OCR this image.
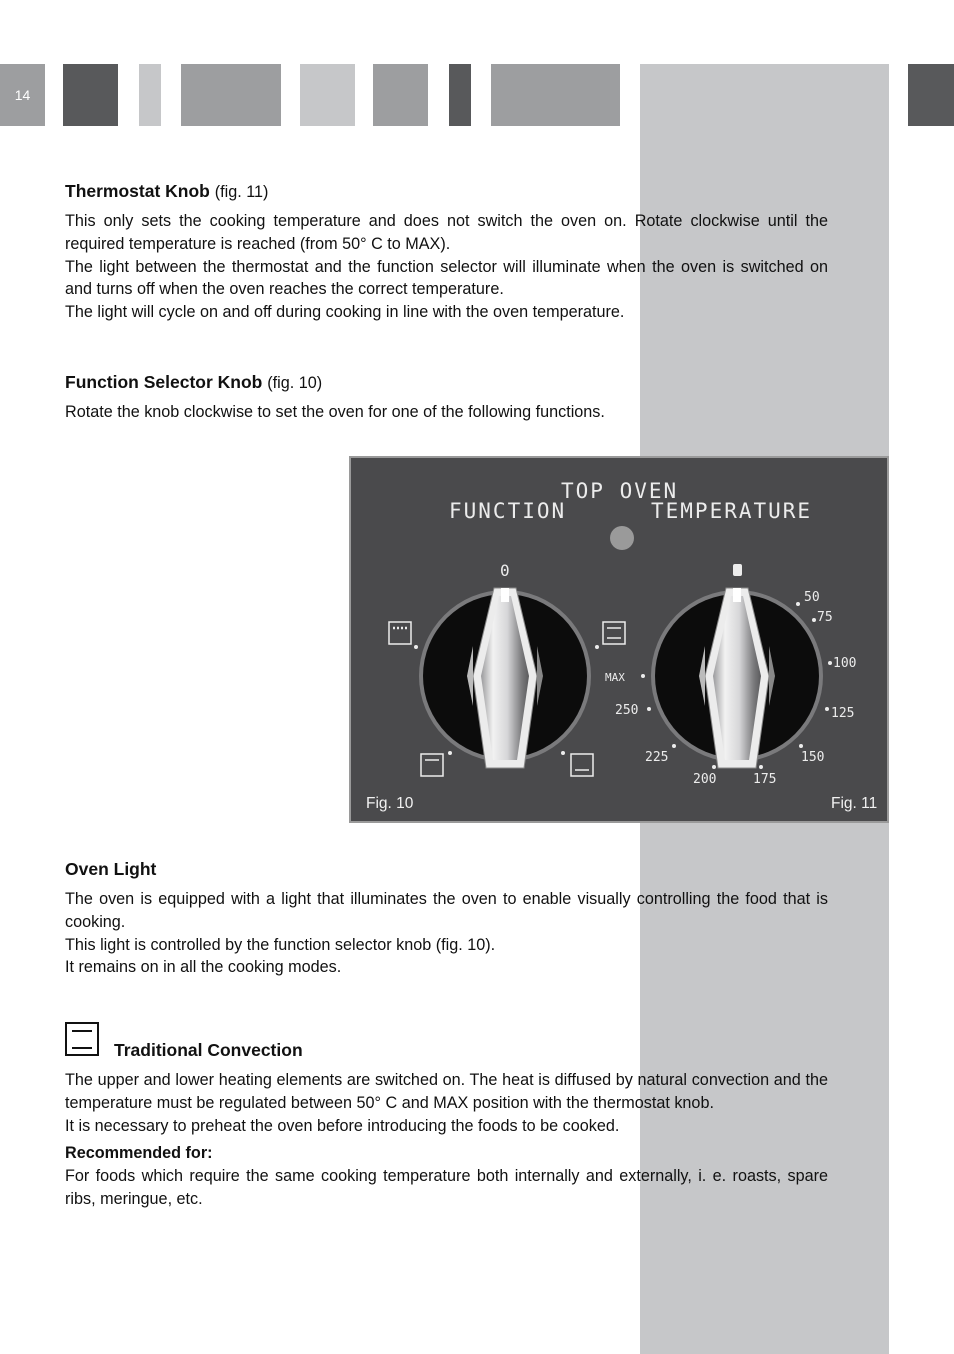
14
Thermostat Knob (fig. 11)
This only sets the cooking temperature and does not switch the oven on. Rotate clockwise until the required temperature is reached (from 50° C to MAX).
The light between the thermostat and the function selector will illuminate when the oven is switched on and turns off when the oven reaches the correct temperature.
The light will cycle on and off during cooking in line with the oven temperature.
Function Selector Knob (fig. 10)
Rotate the knob clockwise to set the oven for one of the following functions.
TOP OVEN
FUNCTION	TEMPERATURE
0
50
75
100
125
150
175
200
225
250
MAX
Fig. 10	Fig. 11
Oven Light
The oven is equipped with a light that illuminates the oven to enable visually controlling the food that is cooking.
This light is controlled by the function selector knob (fig. 10).
It remains on in all the cooking modes.
Traditional Convection
The upper and lower heating elements are switched on. The heat is diffused by natural convection and the temperature must be regulated between 50° C and MAX position with the thermostat knob.
It is necessary to preheat the oven before introducing the foods to be cooked.
Recommended for:
For foods which require the same cooking temperature both internally and externally, i. e. roasts, spare ribs, meringue, etc.
